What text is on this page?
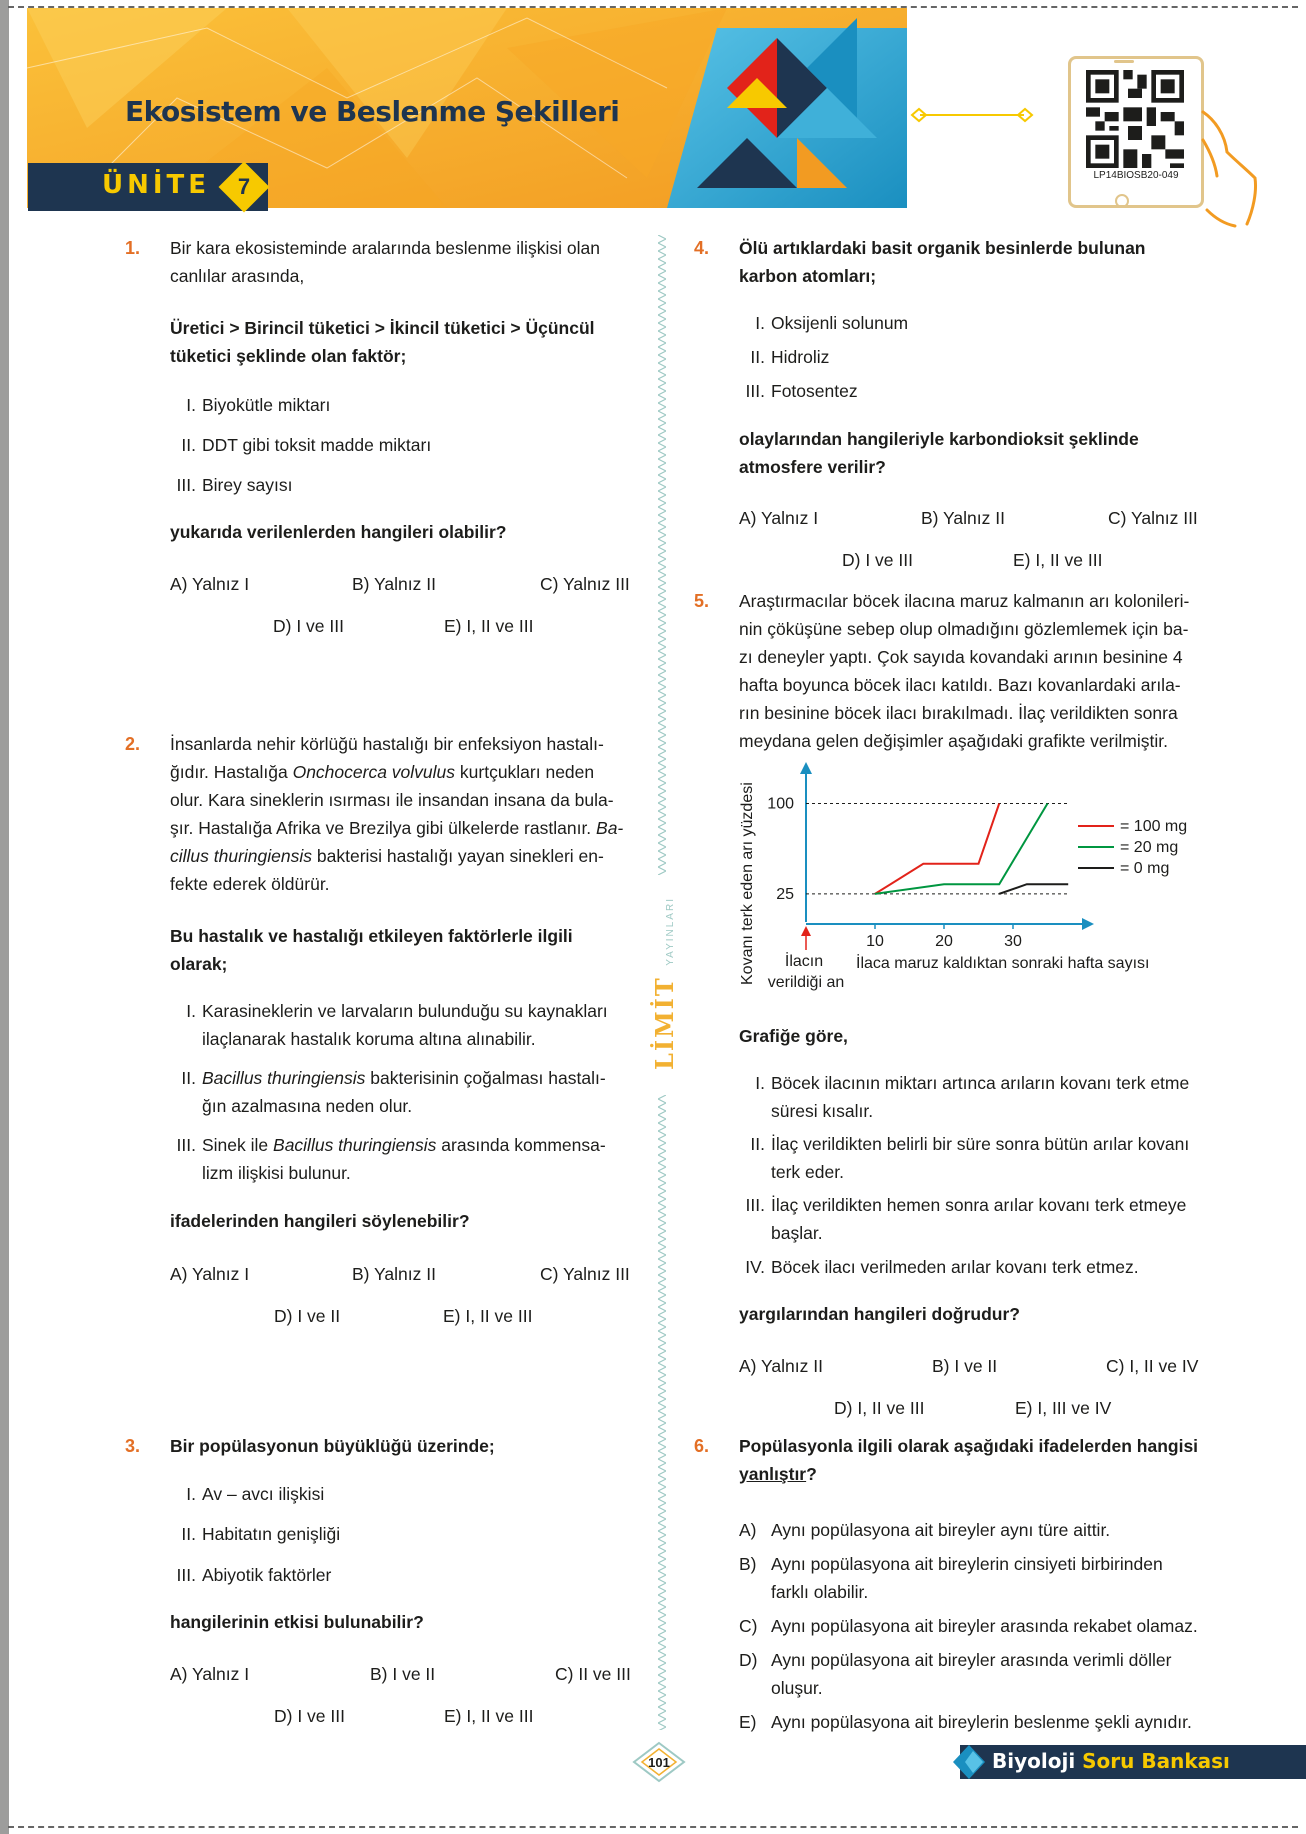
Ekosistem ve Beslenme Şekilleri
ÜNİTE	7
Test
9	LP14BIOSB20-049
LİMİT YAYINLARI
1. Bir kara ekosisteminde aralarında beslenme ilişkisi olan canlılar arasında,
Üretici > Birincil tüketici > İkincil tüketici > Üçüncül tüketici şeklinde olan faktör;
I. Biyokütle miktarı
II. DDT gibi toksit madde miktarı
III. Birey sayısı
yukarıda verilenlerden hangileri olabilir?
A) Yalnız I	B) Yalnız II	C) Yalnız III
D) I ve III	E) I, II ve III
2. İnsanlarda nehir körlüğü hastalığı bir enfeksiyon hastalı-
ğıdır. Hastalığa Onchocerca volvulus kurtçukları neden
olur. Kara sineklerin ısırması ile insandan insana da bula-
şır. Hastalığa Afrika ve Brezilya gibi ülkelerde rastlanır. Ba-
cillus thuringiensis bakterisi hastalığı yayan sinekleri en-
fekte ederek öldürür.
Bu hastalık ve hastalığı etkileyen faktörlerle ilgili olarak;
I. Karasineklerin ve larvaların bulunduğu su kaynakları ilaçlanarak hastalık koruma altına alınabilir.
II. Bacillus thuringiensis bakterisinin çoğalması hastalı-
ğın azalmasına neden olur.
III. Sinek ile Bacillus thuringiensis arasında kommensa-
lizm ilişkisi bulunur.
ifadelerinden hangileri söylenebilir?
A) Yalnız I	B) Yalnız II	C) Yalnız III
D) I ve II	E) I, II ve III
3. Bir popülasyonun büyüklüğü üzerinde;
I. Av – avcı ilişkisi
II. Habitatın genişliği
III. Abiyotik faktörler
hangilerinin etkisi bulunabilir?
A) Yalnız I	B) I ve II	C) II ve III
D) I ve III	E) I, II ve III
4. Ölü artıklardaki basit organik besinlerde bulunan karbon atomları;
I. Oksijenli solunum
II. Hidroliz
III. Fotosentez
olaylarından hangileriyle karbondioksit şeklinde atmosfere verilir?
A) Yalnız I	B) Yalnız II	C) Yalnız III
D) I ve III	E) I, II ve III
5. Araştırmacılar böcek ilacına maruz kalmanın arı kolonileri-
nin çöküşüne sebep olup olmadığını gözlemlemek için ba-
zı deneyler yaptı. Çok sayıda kovandaki arının besinine 4
hafta boyunca böcek ilacı katıldı. Bazı kovanlardaki arıla-
rın besinine böcek ilacı bırakılmadı. İlaç verildikten sonra
meydana gelen değişimler aşağıdaki grafikte verilmiştir.
Kovanı terk eden arı yüzdesi 25
100
10	20	30
İlacın
verildiği an
İlaca maruz kaldıktan sonraki hafta sayısı
= 100 mg
= 20 mg
= 0 mg
Grafiğe göre,
I. Böcek ilacının miktarı artınca arıların kovanı terk etme süresi kısalır.
II. İlaç verildikten belirli bir süre sonra bütün arılar kovanı terk eder.
III. İlaç verildikten hemen sonra arılar kovanı terk etmeye başlar.
IV. Böcek ilacı verilmeden arılar kovanı terk etmez.
yargılarından hangileri doğrudur?
A) Yalnız II	B) I ve II	C) I, II ve IV
D) I, II ve III	E) I, III ve IV
6. Popülasyonla ilgili olarak aşağıdaki ifadelerden hangisi yanlıştır?
A) Aynı popülasyona ait bireyler aynı türe aittir.
B) Aynı popülasyona ait bireylerin cinsiyeti birbirinden farklı olabilir.
C) Aynı popülasyona ait bireyler arasında rekabet olamaz.
D) Aynı popülasyona ait bireyler arasında verimli döller oluşur.
E) Aynı popülasyona ait bireylerin beslenme şekli aynıdır.
101	Biyoloji Soru Bankası
